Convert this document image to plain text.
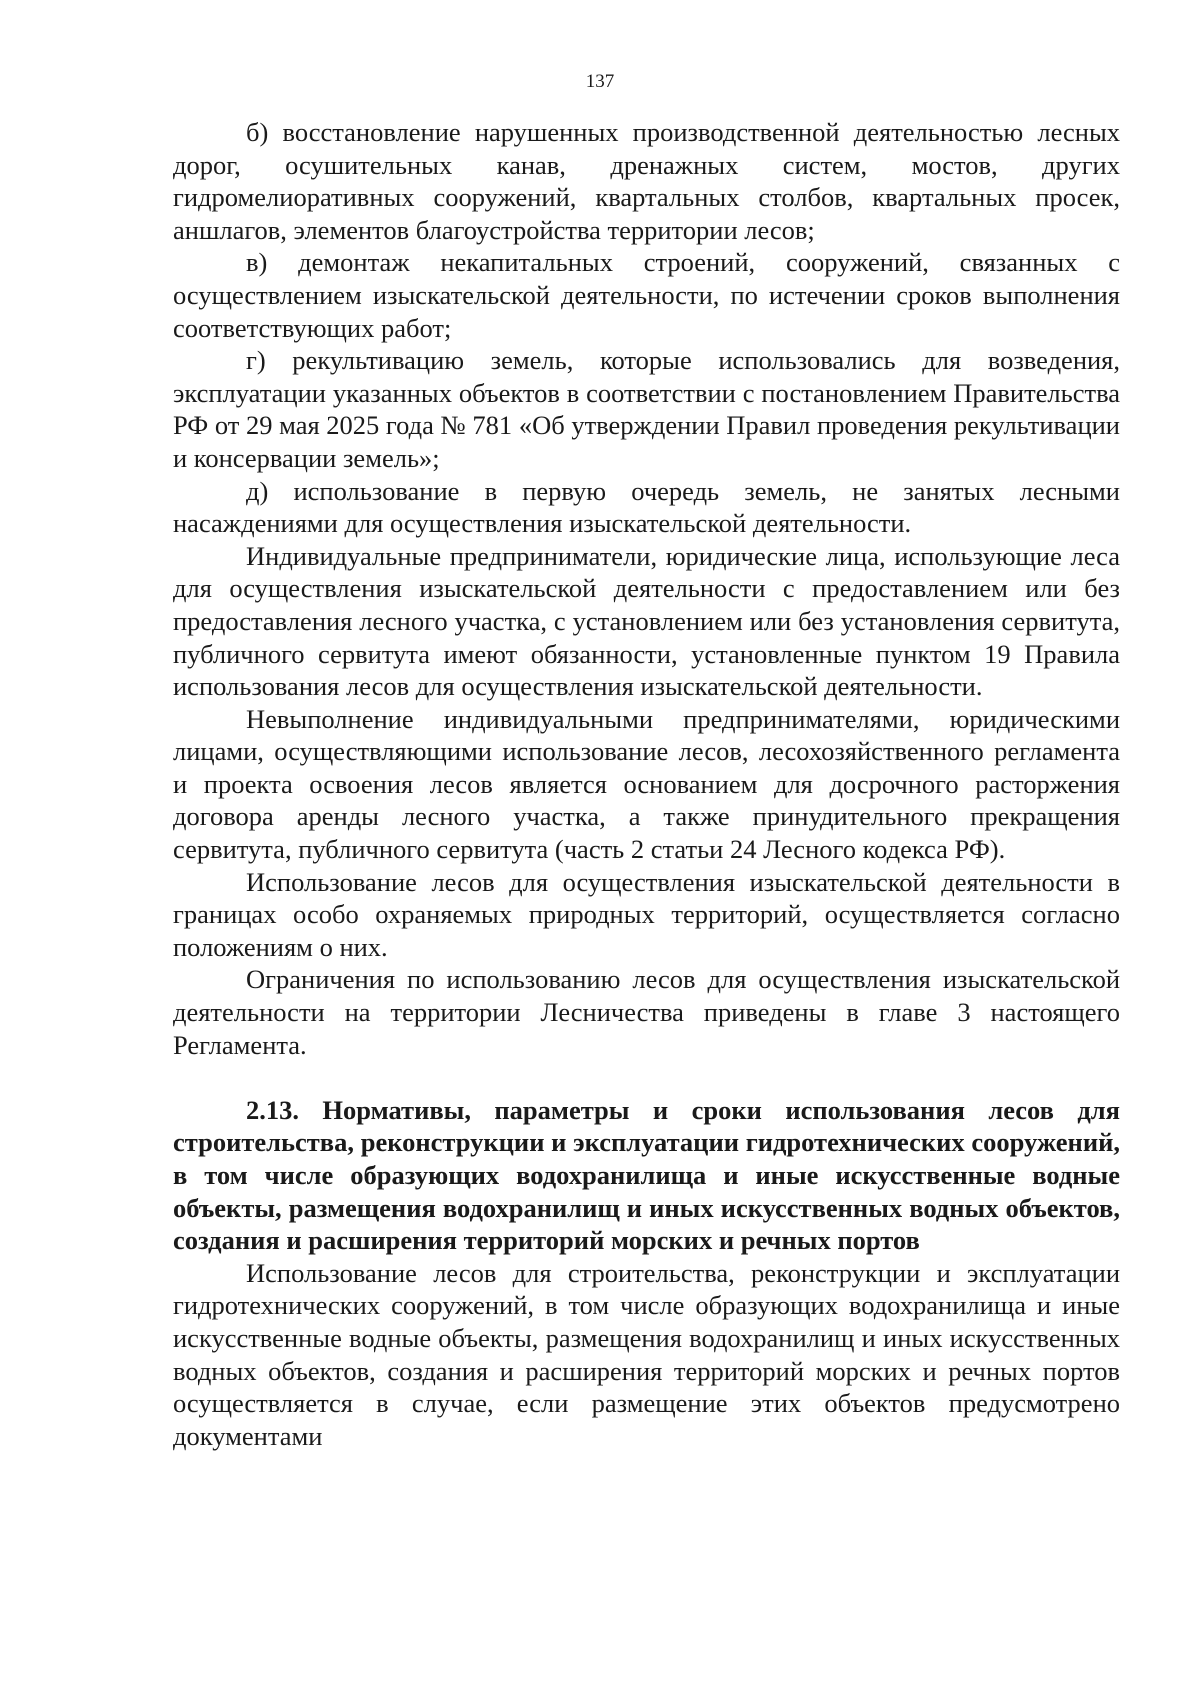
137

б) восстановление нарушенных производственной деятельностью лесных дорог, осушительных канав, дренажных систем, мостов, других гидромелиоративных сооружений, квартальных столбов, квартальных просек, аншлагов, элементов благоустройства территории лесов;

в) демонтаж некапитальных строений, сооружений, связанных с осуществлением изыскательской деятельности, по истечении сроков выполнения соответствующих работ;

г) рекультивацию земель, которые использовались для возведения, эксплуатации указанных объектов в соответствии с постановлением Правительства РФ от 29 мая 2025 года № 781 «Об утверждении Правил проведения рекультивации и консервации земель»;

д) использование в первую очередь земель, не занятых лесными насаждениями для осуществления изыскательской деятельности.

Индивидуальные предприниматели, юридические лица, использующие леса для осуществления изыскательской деятельности с предоставлением или без предоставления лесного участка, с установлением или без установления сервитута, публичного сервитута имеют обязанности, установленные пунктом 19 Правила использования лесов для осуществления изыскательской деятельности.

Невыполнение индивидуальными предпринимателями, юридическими лицами, осуществляющими использование лесов, лесохозяйственного регламента и проекта освоения лесов является основанием для досрочного расторжения договора аренды лесного участка, а также принудительного прекращения сервитута, публичного сервитута (часть 2 статьи 24 Лесного кодекса РФ).

Использование лесов для осуществления изыскательской деятельности в границах особо охраняемых природных территорий, осуществляется согласно положениям о них.

Ограничения по использованию лесов для осуществления изыскательской деятельности на территории Лесничества приведены в главе 3 настоящего Регламента.

2.13. Нормативы, параметры и сроки использования лесов для строительства, реконструкции и эксплуатации гидротехнических сооружений, в том числе образующих водохранилища и иные искусственные водные объекты, размещения водохранилищ и иных искусственных водных объектов, создания и расширения территорий морских и речных портов

Использование лесов для строительства, реконструкции и эксплуатации гидротехнических сооружений, в том числе образующих водохранилища и иные искусственные водные объекты, размещения водохранилищ и иных искусственных водных объектов, создания и расширения территорий морских и речных портов осуществляется в случае, если размещение этих объектов предусмотрено документами
